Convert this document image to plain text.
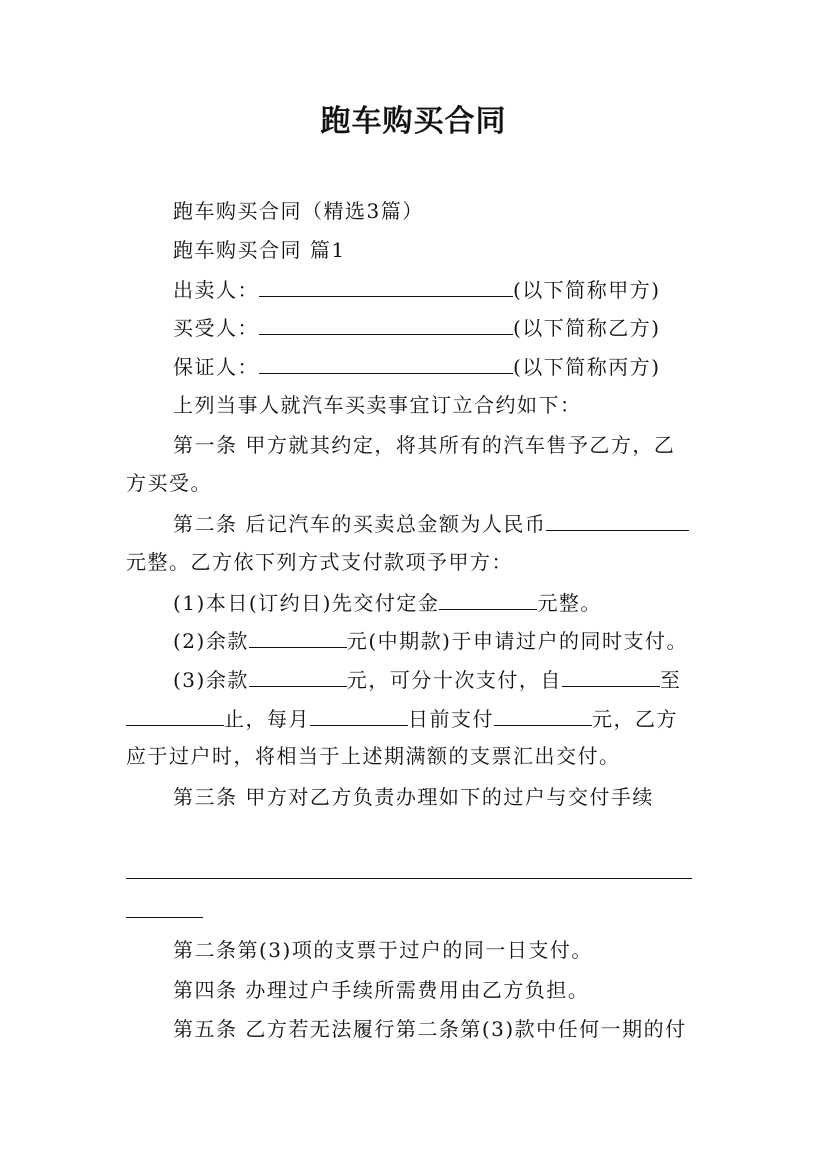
跑车购买合同
跑车购买合同（精选3篇）
跑车购买合同 篇1
出卖人：	(以下简称甲方)
买受人：	(以下简称乙方)
保证人：	(以下简称丙方)
上列当事人就汽车买卖事宜订立合约如下：
第一条 甲方就其约定，将其所有的汽车售予乙方，乙
方买受。
第二条 后记汽车的买卖总金额为人民币
元整。乙方依下列方式支付款项予甲方：
(1)本日(订约日)先交付定金	元整。
(2)余款	元(中期款)于申请过户的同时支付。
(3)余款	元，可分十次支付，自	至
止，每月	日前支付	元，乙方
应于过户时，将相当于上述期满额的支票汇出交付。
第三条 甲方对乙方负责办理如下的过户与交付手续
第二条第(3)项的支票于过户的同一日支付。
第四条 办理过户手续所需费用由乙方负担。
第五条 乙方若无法履行第二条第(3)款中任何一期的付
